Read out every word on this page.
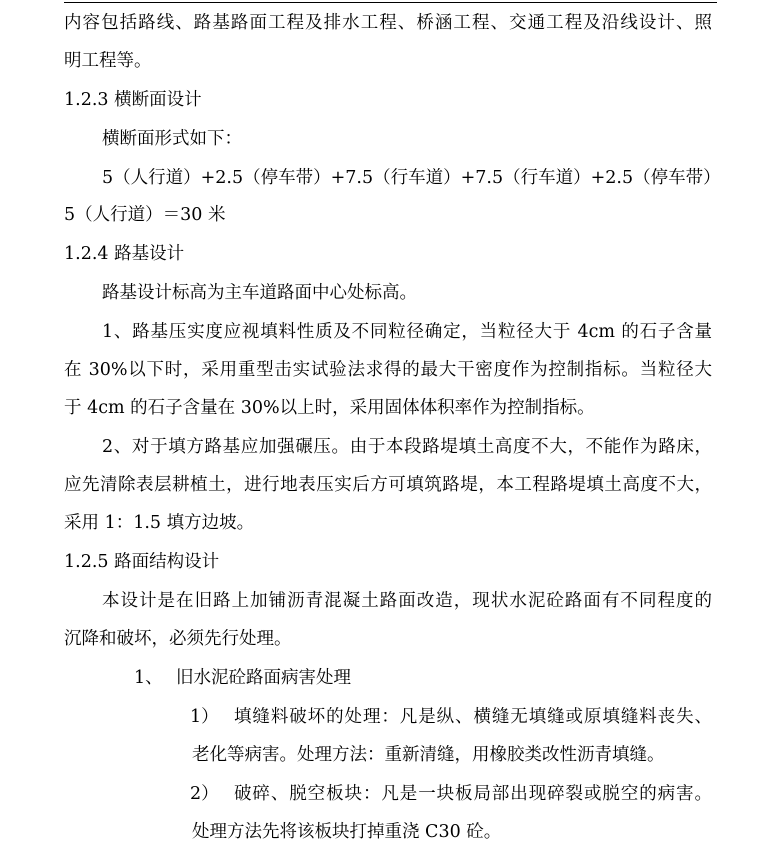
内容包括路线、路基路面工程及排水工程、桥涵工程、交通工程及沿线设计、照
明工程等。
1.2.3 横断面设计
横断面形式如下：
5（人行道）+2.5（停车带）+7.5（行车道）+7.5（行车道）+2.5（停车带）
5（人行道）＝30 米
1.2.4 路基设计
路基设计标高为主车道路面中心处标高。
1、路基压实度应视填料性质及不同粒径确定，当粒径大于 4cm 的石子含量
在 30%以下时，采用重型击实试验法求得的最大干密度作为控制指标。当粒径大
于 4cm 的石子含量在 30%以上时，采用固体体积率作为控制指标。
2、对于填方路基应加强碾压。由于本段路堤填土高度不大，不能作为路床，
应先清除表层耕植土，进行地表压实后方可填筑路堤，本工程路堤填土高度不大，
采用 1：1.5 填方边坡。
1.2.5 路面结构设计
本设计是在旧路上加铺沥青混凝土路面改造，现状水泥砼路面有不同程度的
沉降和破坏，必须先行处理。
1、 旧水泥砼路面病害处理
1） 填缝料破坏的处理：凡是纵、横缝无填缝或原填缝料丧失、
老化等病害。处理方法：重新清缝，用橡胶类改性沥青填缝。
2） 破碎、脱空板块：凡是一块板局部出现碎裂或脱空的病害。
处理方法先将该板块打掉重浇 C30 砼。
